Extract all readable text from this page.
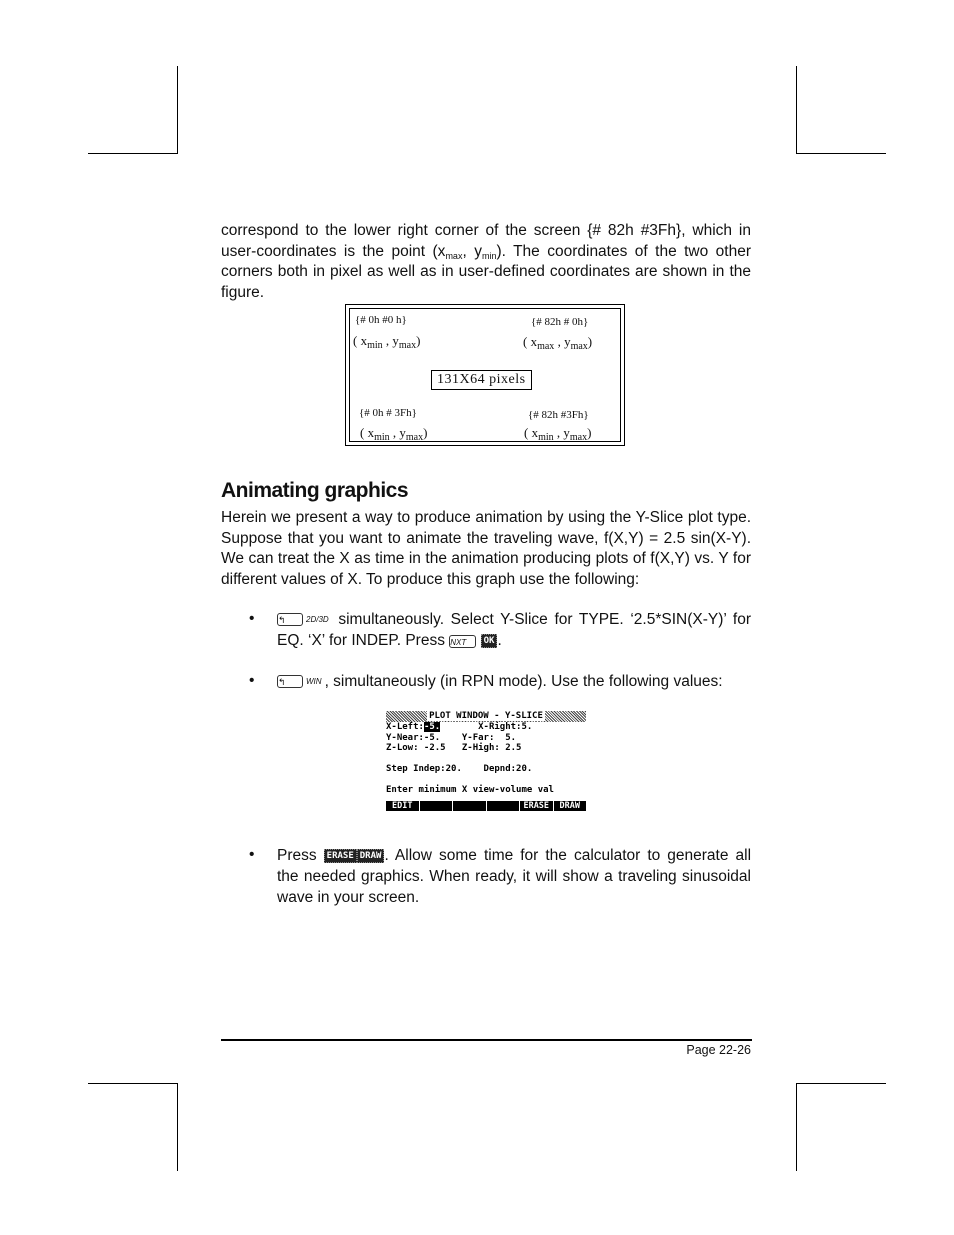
correspond to the lower right corner of the screen {# 82h #3Fh}, which in
user-coordinates is the point ($x_{max}$, $y_{min}$). The coordinates of the two other
corners both in pixel as well as in user-defined coordinates are shown in the
figure.
{# 0h #0 h}
( $x_{min}$ , $y_{max}$)
{# 82h # 0h}
( $x_{max}$ , $y_{max}$)
131X64 pixels
{# 0h # 3Fh}
( $x_{min}$ , $y_{max}$)
{# 82h #3Fh}
( $x_{min}$ , $y_{max}$)
Animating graphics
Herein we present a way to produce animation by using the Y-Slice plot type.
Suppose that you want to animate the traveling wave, f(X,Y) = 2.5 sin(X-Y).
We can treat the X as time in the animation producing plots of f(X,Y) vs. Y for
different values of X. To produce this graph use the following:
•	↰	2D/3D simultaneously. Select Y-Slice for TYPE. ‘2.5*SIN(X-Y)’ for
EQ. ‘X’ for INDEP. Press NXT OK .
•	↰	WIN , simultaneously (in RPN mode). Use the following values:
PLOT WINDOW - Y-SLICE
X-Left:-5.       X-Right:5.
Y-Near:-5.    Y-Far:  5.
Z-Low: -2.5   Z-High: 2.5

Step Indep:20.    Depnd:20.

Enter minimum X view-volume val
EDIT	ERASE	DRAW
• Press ERASE DRAW . Allow some time for the calculator to generate all
the needed graphics. When ready, it will show a traveling sinusoidal
wave in your screen.
Page 22-26
